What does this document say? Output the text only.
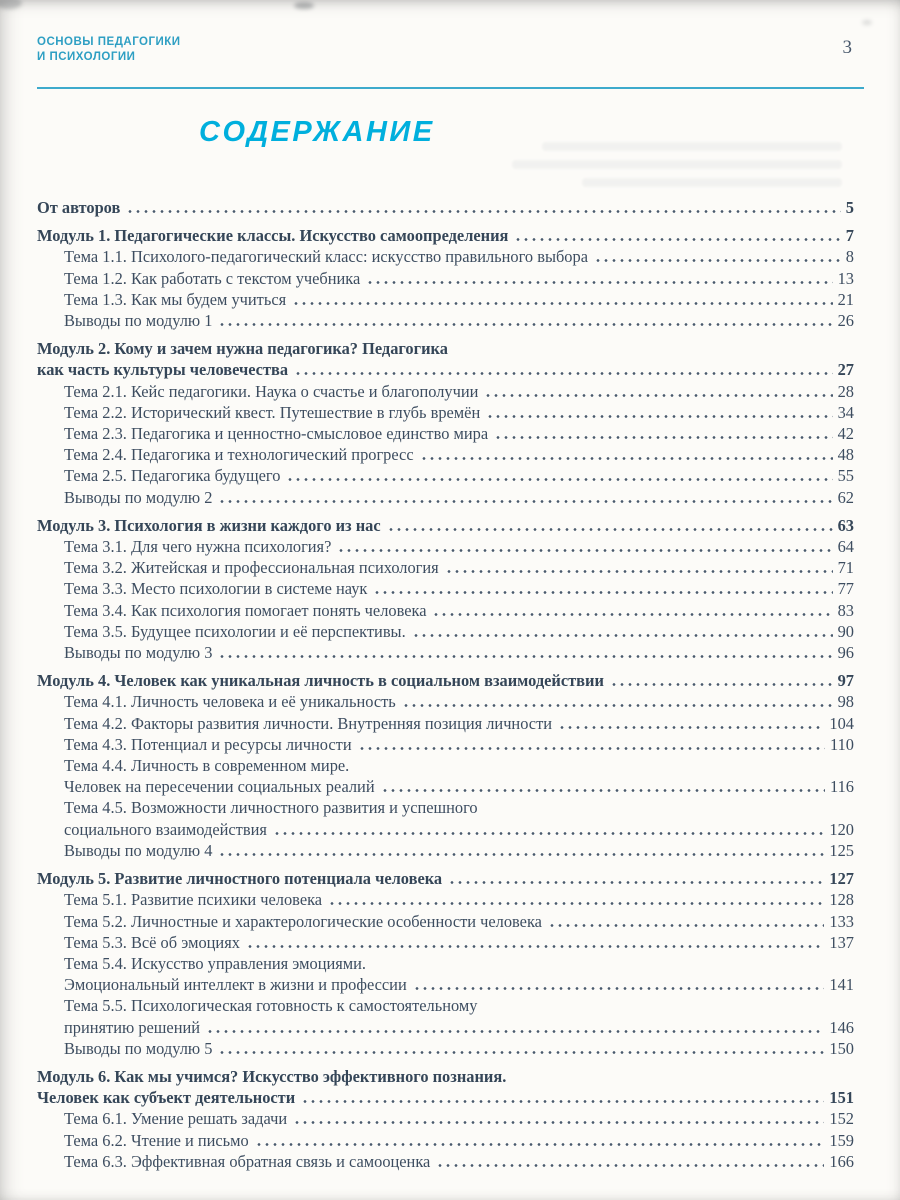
ОСНОВЫ ПЕДАГОГИКИ
И ПСИХОЛОГИИ	3
СОДЕРЖАНИЕ
От авторов	5
Модуль 1. Педагогические классы. Искусство самоопределения	7
Тема 1.1. Психолого-педагогический класс: искусство правильного выбора	8
Тема 1.2. Как работать с текстом учебника	13
Тема 1.3. Как мы будем учиться	21
Выводы по модулю 1	26
Модуль 2. Кому и зачем нужна педагогика? Педагогика
как часть культуры человечества	27
Тема 2.1. Кейс педагогики. Наука о счастье и благополучии	28
Тема 2.2. Исторический квест. Путешествие в глубь времён	34
Тема 2.3. Педагогика и ценностно-смысловое единство мира	42
Тема 2.4. Педагогика и технологический прогресс	48
Тема 2.5. Педагогика будущего	55
Выводы по модулю 2	62
Модуль 3. Психология в жизни каждого из нас	63
Тема 3.1. Для чего нужна психология?	64
Тема 3.2. Житейская и профессиональная психология	71
Тема 3.3. Место психологии в системе наук	77
Тема 3.4. Как психология помогает понять человека	83
Тема 3.5. Будущее психологии и её перспективы.	90
Выводы по модулю 3	96
Модуль 4. Человек как уникальная личность в социальном взаимодействии	97
Тема 4.1. Личность человека и её уникальность	98
Тема 4.2. Факторы развития личности. Внутренняя позиция личности	104
Тема 4.3. Потенциал и ресурсы личности	110
Тема 4.4. Личность в современном мире.
Человек на пересечении социальных реалий	116
Тема 4.5. Возможности личностного развития и успешного
социального взаимодействия	120
Выводы по модулю 4	125
Модуль 5. Развитие личностного потенциала человека	127
Тема 5.1. Развитие психики человека	128
Тема 5.2. Личностные и характерологические особенности человека	133
Тема 5.3. Всё об эмоциях	137
Тема 5.4. Искусство управления эмоциями.
Эмоциональный интеллект в жизни и профессии	141
Тема 5.5. Психологическая готовность к самостоятельному
принятию решений	146
Выводы по модулю 5	150
Модуль 6. Как мы учимся? Искусство эффективного познания.
Человек как субъект деятельности	151
Тема 6.1. Умение решать задачи	152
Тема 6.2. Чтение и письмо	159
Тема 6.3. Эффективная обратная связь и самооценка	166
